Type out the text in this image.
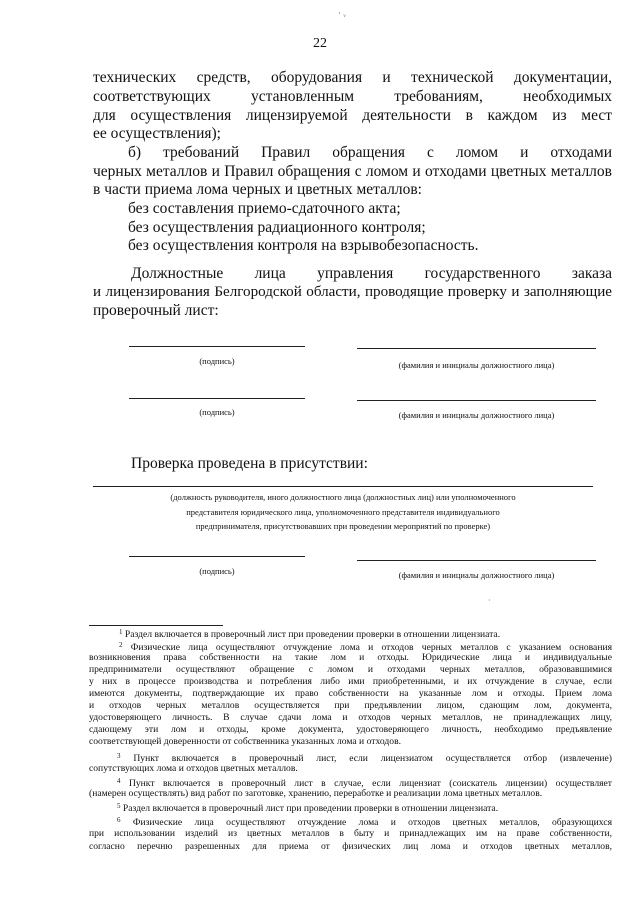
· ᵥ
22
технических средств, оборудования и технической документации,
соответствующих установленным требованиям, необходимых
для осуществления лицензируемой деятельности в каждом из мест
ее осуществления);
б) требований Правил обращения с ломом и отходами
черных металлов и Правил обращения с ломом и отходами цветных металлов
в части приема лома черных и цветных металлов:
без составления приемо-сдаточного акта;
без осуществления радиационного контроля;
без осуществления контроля на взрывобезопасность.
Должностные лица управления государственного заказа
и лицензирования Белгородской области, проводящие проверку и заполняющие
проверочный лист:
(подпись)	(фамилия и инициалы должностного лица)
(подпись)	(фамилия и инициалы должностного лица)
Проверка проведена в присутствии:
(должность руководителя, иного должностного лица (должностных лиц) или уполномоченного
представителя юридического лица, уполномоченного представителя индивидуального
предпринимателя, присутствовавших при проведении мероприятий по проверке)
(подпись)	(фамилия и инициалы должностного лица)
·
$^1$ Раздел включается в проверочный лист при проведении проверки в отношении лицензиата.
$^2$ Физические лица осуществляют отчуждение лома и отходов черных металлов с указанием основания
возникновения права собственности на такие лом и отходы. Юридические лица и индивидуальные
предприниматели осуществляют обращение с ломом и отходами черных металлов, образовавшимися
у них в процессе производства и потребления либо ими приобретенными, и их отчуждение в случае, если
имеются документы, подтверждающие их право собственности на указанные лом и отходы. Прием лома
и отходов черных металлов осуществляется при предъявлении лицом, сдающим лом, документа,
удостоверяющего личность. В случае сдачи лома и отходов черных металлов, не принадлежащих лицу,
сдающему эти лом и отходы, кроме документа, удостоверяющего личность, необходимо предъявление
соответствующей доверенности от собственника указанных лома и отходов.
$^3$ Пункт включается в проверочный лист, если лицензиатом осуществляется отбор (извлечение)
сопутствующих лома и отходов цветных металлов.
$^4$ Пункт включается в проверочный лист в случае, если лицензиат (соискатель лицензии) осуществляет
(намерен осуществлять) вид работ по заготовке, хранению, переработке и реализации лома цветных металлов.
$^5$ Раздел включается в проверочный лист при проведении проверки в отношении лицензиата.
$^6$ Физические лица осуществляют отчуждение лома и отходов цветных металлов, образующихся
при использовании изделий из цветных металлов в быту и принадлежащих им на праве собственности,
согласно перечню разрешенных для приема от физических лиц лома и отходов цветных металлов,
